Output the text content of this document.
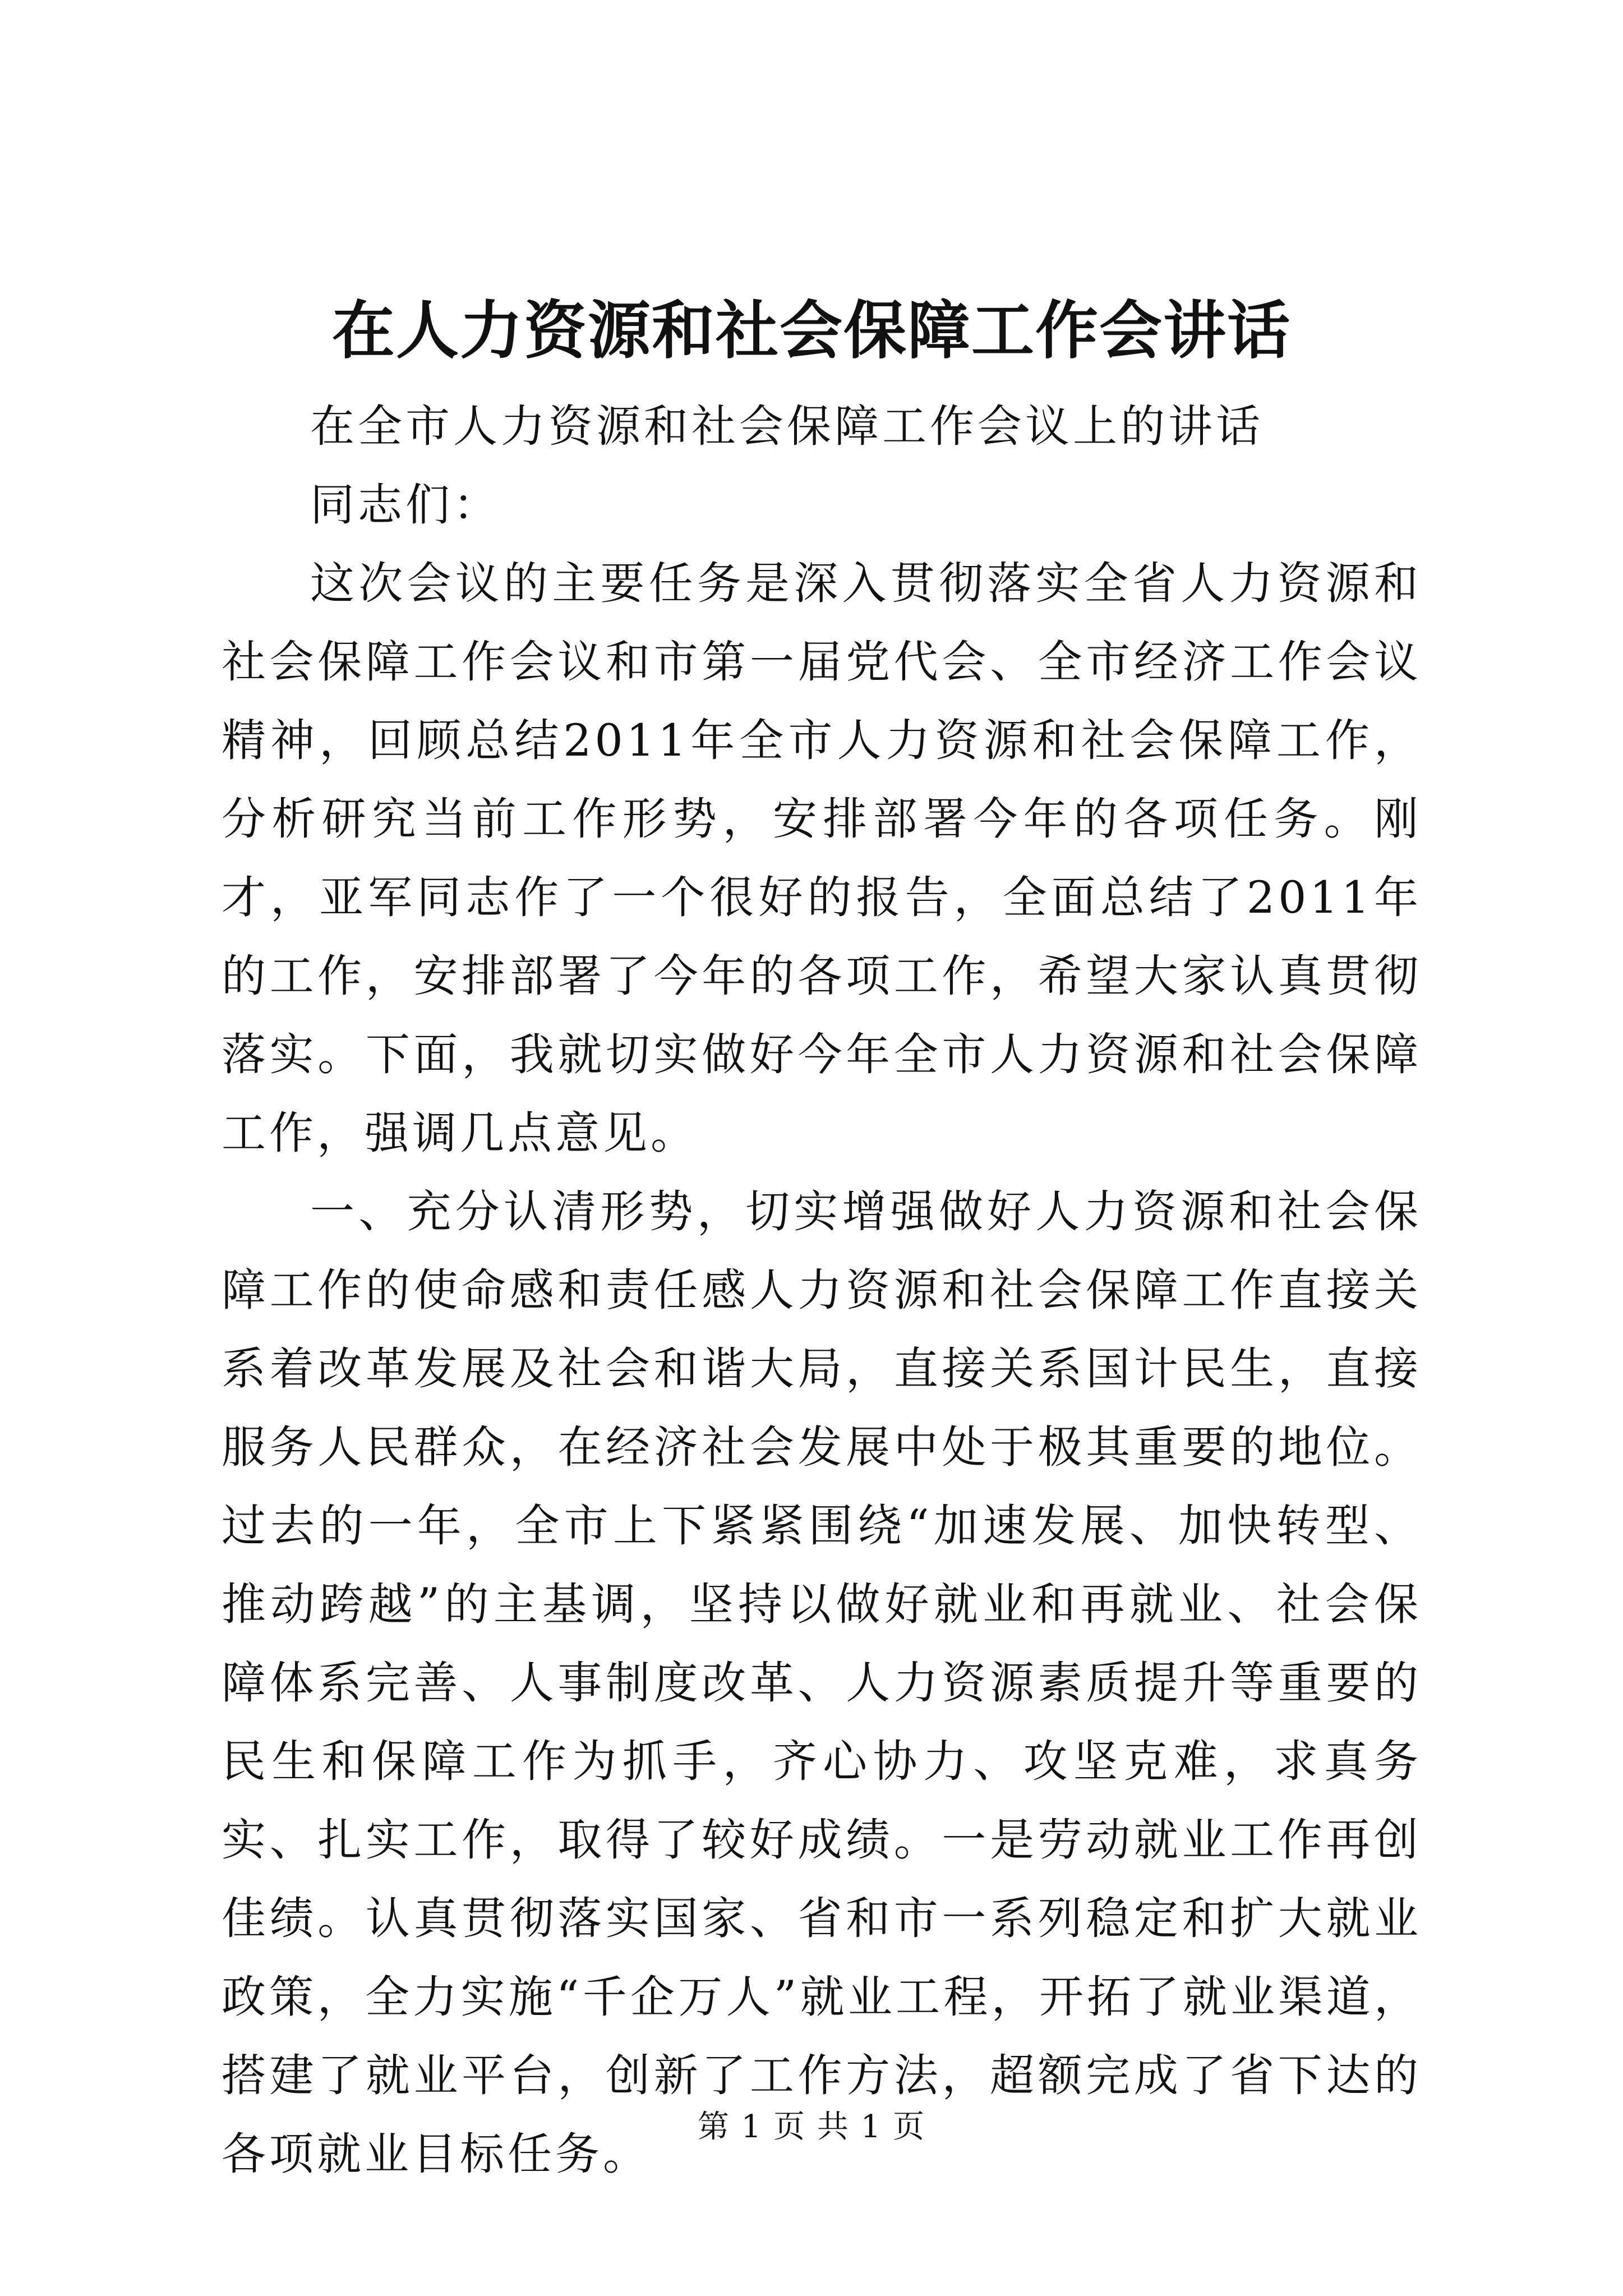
在人力资源和社会保障工作会讲话

在全市人力资源和社会保障工作会议上的讲话

同志们：

这次会议的主要任务是深入贯彻落实全省人力资源和社会保障工作会议和市第一届党代会、全市经济工作会议精神，回顾总结2011年全市人力资源和社会保障工作，分析研究当前工作形势，安排部署今年的各项任务。刚才，亚军同志作了一个很好的报告，全面总结了2011年的工作，安排部署了今年的各项工作，希望大家认真贯彻落实。下面，我就切实做好今年全市人力资源和社会保障工作，强调几点意见。

一、充分认清形势，切实增强做好人力资源和社会保障工作的使命感和责任感人力资源和社会保障工作直接关系着改革发展及社会和谐大局，直接关系国计民生，直接服务人民群众，在经济社会发展中处于极其重要的地位。过去的一年，全市上下紧紧围绕“加速发展、加快转型、推动跨越”的主基调，坚持以做好就业和再就业、社会保障体系完善、人事制度改革、人力资源素质提升等重要的民生和保障工作为抓手，齐心协力、攻坚克难，求真务实、扎实工作，取得了较好成绩。一是劳动就业工作再创佳绩。认真贯彻落实国家、省和市一系列稳定和扩大就业政策，全力实施“千企万人”就业工程，开拓了就业渠道，搭建了就业平台，创新了工作方法，超额完成了省下达的各项就业目标任务。

第 1 页 共 1 页
